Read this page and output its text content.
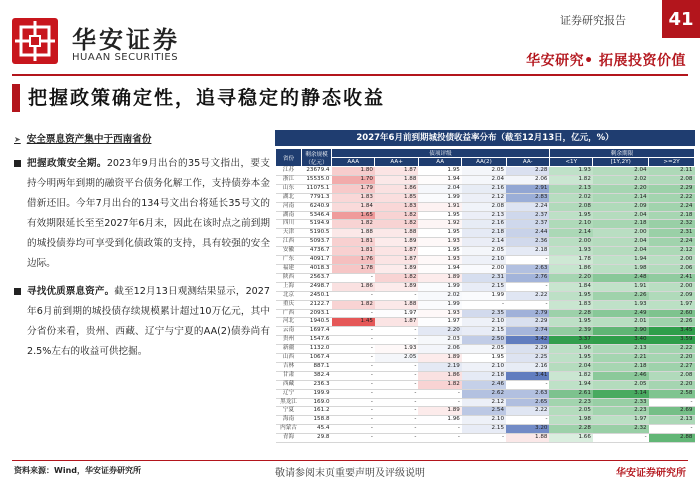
华安证券
HUAAN SECURITIES
证券研究报告	41
华安研究• 拓展投资价值
把握政策确定性，追寻稳定的静态收益
➤ 安全票息资产集中于西南省份

把握政策安全期。2023年9月出台的35号文指出，要支持今明两年到期的融资平台债务化解工作，支持债券本金借新还旧。今年7月出台的134号文出台将延长35号文的有效期限延长至至2027年6月末，因此在该时点之前到期的城投债券均可享受到化债政策的支持，具有较强的安全边际。

寻找优质票息资产。截至12月13日观测结果显示，2027年6月前到期的城投债存续规模累计超过10万亿元，其中分省份来看，贵州、西藏、辽宁与宁夏的AA(2)债券尚有2.5%左右的收益可供挖掘。

2027年6月前到期城投债收益率分布（截至12月13日，亿元，%）
省份	剩余规模（亿元）	债项评级					剩余期限		
		AAA	AA+	AA	AA(2)	AA-	<1Y	[1Y,2Y)	>=2Y
江苏	23679.4	1.80	1.87	1.95	2.05	2.28	1.93	2.04	2.11
浙江	15535.0	1.70	1.88	1.94	2.04	2.06	1.82	2.02	2.08
山东	11075.1	1.79	1.86	2.04	2.16	2.91	2.13	2.20	2.29
湖北	7791.3	1.83	1.85	1.99	2.12	2.83	2.02	2.14	2.22
河南	6240.9	1.84	1.83	1.91	2.08	2.24	2.08	2.09	2.24
湖南	5346.4	1.65	1.82	1.95	2.13	2.37	1.95	2.04	2.18
四川	5194.9	1.82	1.82	1.92	2.16	2.37	2.10	2.18	2.32
天津	5190.5	1.88	1.88	1.95	2.18	2.44	2.14	2.00	2.31
江西	5093.7	1.81	1.89	1.93	2.14	2.36	2.00	2.04	2.24
安徽	4736.7	1.81	1.87	1.95	2.05	2.18	1.93	2.04	2.12
广东	4091.7	1.76	1.87	1.93	2.10	-	1.78	1.94	2.00
福建	4018.3	1.78	1.89	1.94	2.00	2.63	1.86	1.98	2.06
陕西	2563.7	-	1.82	1.89	2.31	2.76	2.20	2.48	2.41
上海	2498.7	1.86	1.89	1.99	2.15	-	1.84	1.91	2.00
北京	2450.1	-	-	2.02	1.99	2.22	1.95	2.26	2.09
重庆	2122.7	1.82	1.88	1.99	-	-	1.83	1.93	1.97
广西	2093.1	-	1.97	1.93	2.35	2.79	2.28	2.49	2.60
河北	1940.5	1.45	1.87	1.97	2.10	2.29	1.95	2.01	2.26
云南	1697.4	-	-	2.20	2.15	2.74	2.39	2.90	3.45
贵州	1547.6	-	-	2.03	2.50	3.42	3.37	3.40	3.59
新疆	1132.0	-	1.93	2.06	2.05	2.29	1.96	2.13	2.22
山西	1067.4	-	2.05	1.89	1.95	2.25	1.95	2.21	2.20
吉林	887.1	-	-	2.19	2.10	2.16	2.04	2.18	2.27
甘肃	382.4	-	-	1.86	2.18	3.41	1.82	2.46	2.08
西藏	236.3	-	-	1.82	2.46	-	1.94	2.05	2.20
辽宁	199.9	-	-	-	2.62	2.63	2.61	3.14	2.58
黑龙江	169.0	-	-	-	2.12	2.65	2.23	2.33	-
宁夏	161.2	-	-	1.89	2.54	2.22	2.05	2.23	2.69
海南	158.8	-	-	1.96	2.10	-	1.98	1.97	2.13
内蒙古	45.4	-	-	-	2.15	3.20	2.28	2.32	-
青海	29.8	-	-	-	-	1.88	1.66	-	2.88
资料来源：Wind，华安证券研究所	敬请参阅末页重要声明及评级说明	华安证券研究所
